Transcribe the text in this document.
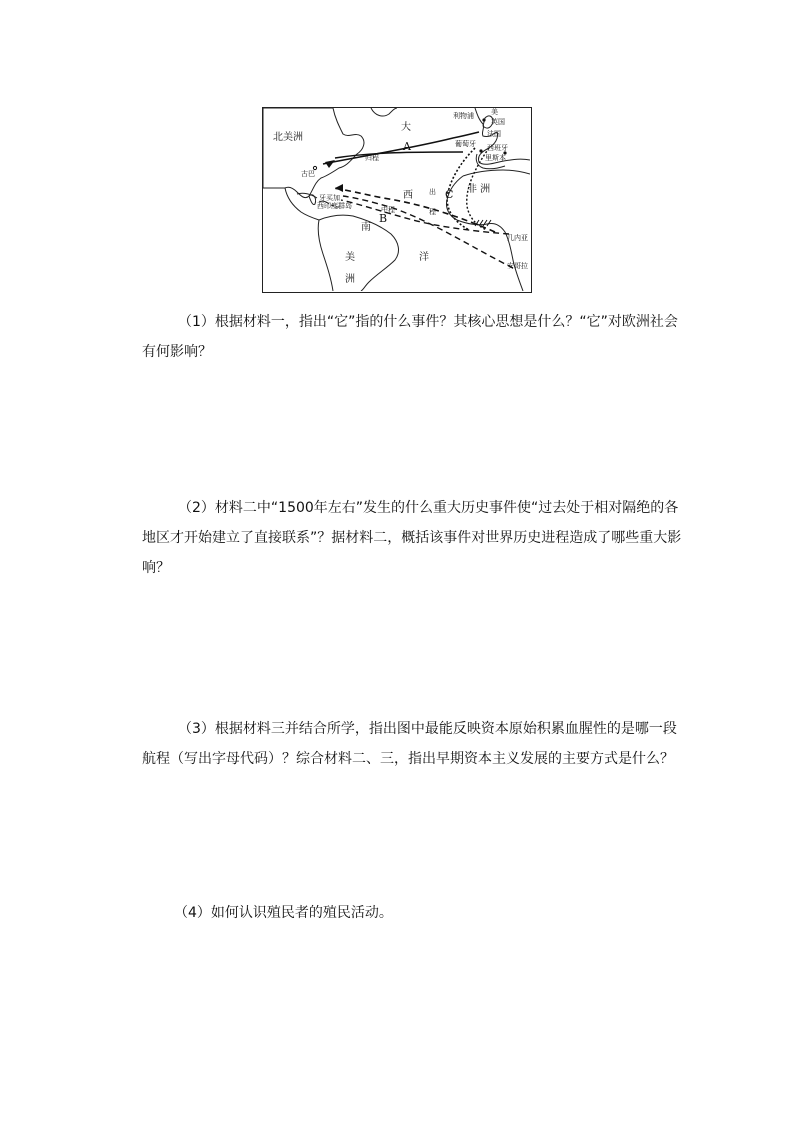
北美洲
大
西
洋
南
美
洲
非 洲
美
利物浦
英国
法国
葡萄牙 西班牙
里斯本
古巴
牙买加
西印度群岛
几内亚
安哥拉
归程
中程
出
程
A
B
C

（1）根据材料一，指出“它”指的什么事件？其核心思想是什么？“它”对欧洲社会有何影响？

（2）材料二中“1500年左右”发生的什么重大历史事件使“过去处于相对隔绝的各地区才开始建立了直接联系”？据材料二，概括该事件对世界历史进程造成了哪些重大影响？

（3）根据材料三并结合所学，指出图中最能反映资本原始积累血腥性的是哪一段航程（写出字母代码）？综合材料二、三，指出早期资本主义发展的主要方式是什么？

（4）如何认识殖民者的殖民活动。
